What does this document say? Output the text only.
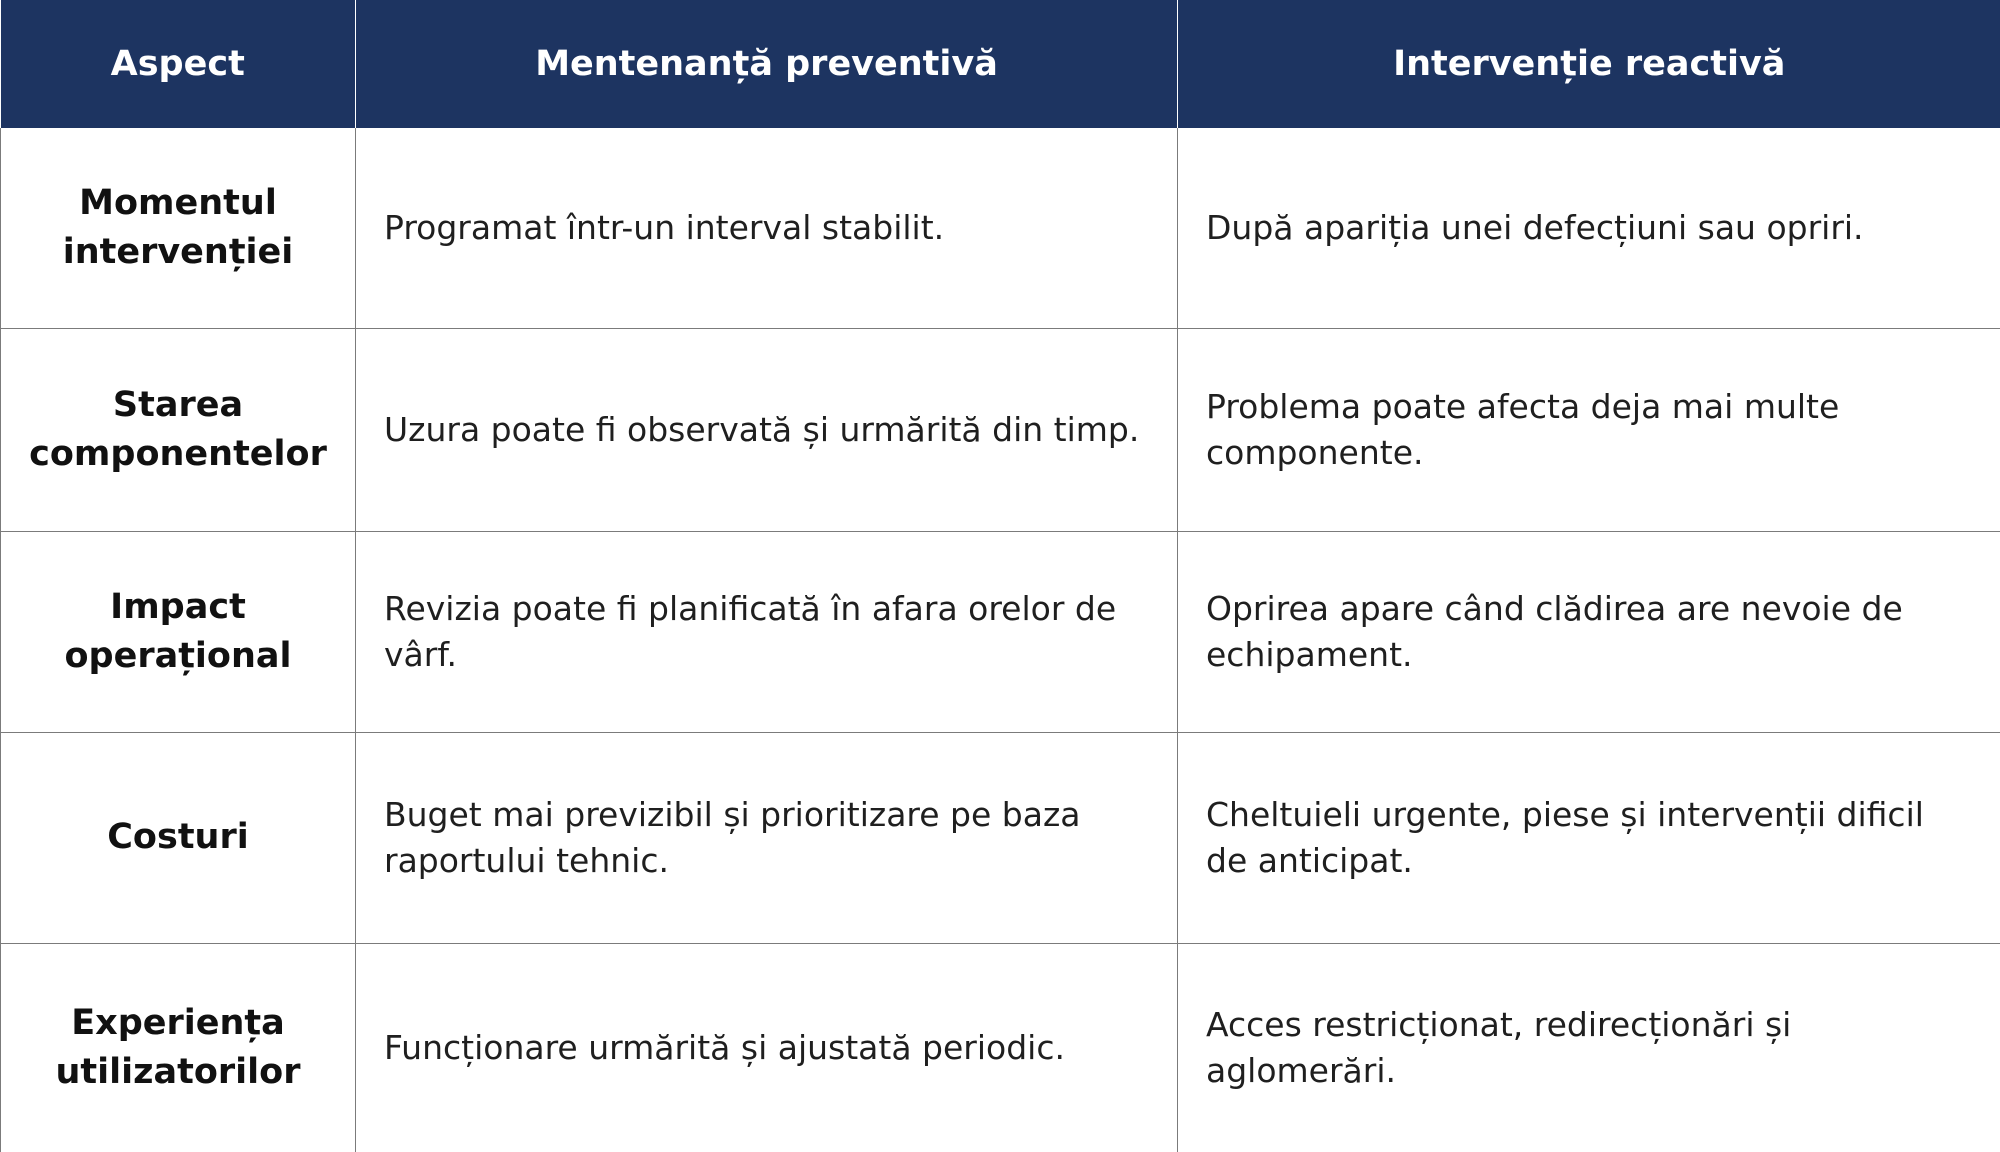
Aspect	Mentenanță preventivă	Intervenție reactivă
Momentul intervenției	Programat într-un interval stabilit.	După apariția unei defecțiuni sau opriri.
Starea componentelor	Uzura poate fi observată și urmărită din timp.	Problema poate afecta deja mai multe componente.
Impact operațional	Revizia poate fi planificată în afara orelor de vârf.	Oprirea apare când clădirea are nevoie de echipament.
Costuri	Buget mai previzibil și prioritizare pe baza raportului tehnic.	Cheltuieli urgente, piese și intervenții dificil de anticipat.
Experiența utilizatorilor	Funcționare urmărită și ajustată periodic.	Acces restricționat, redirecționări și aglomerări.
